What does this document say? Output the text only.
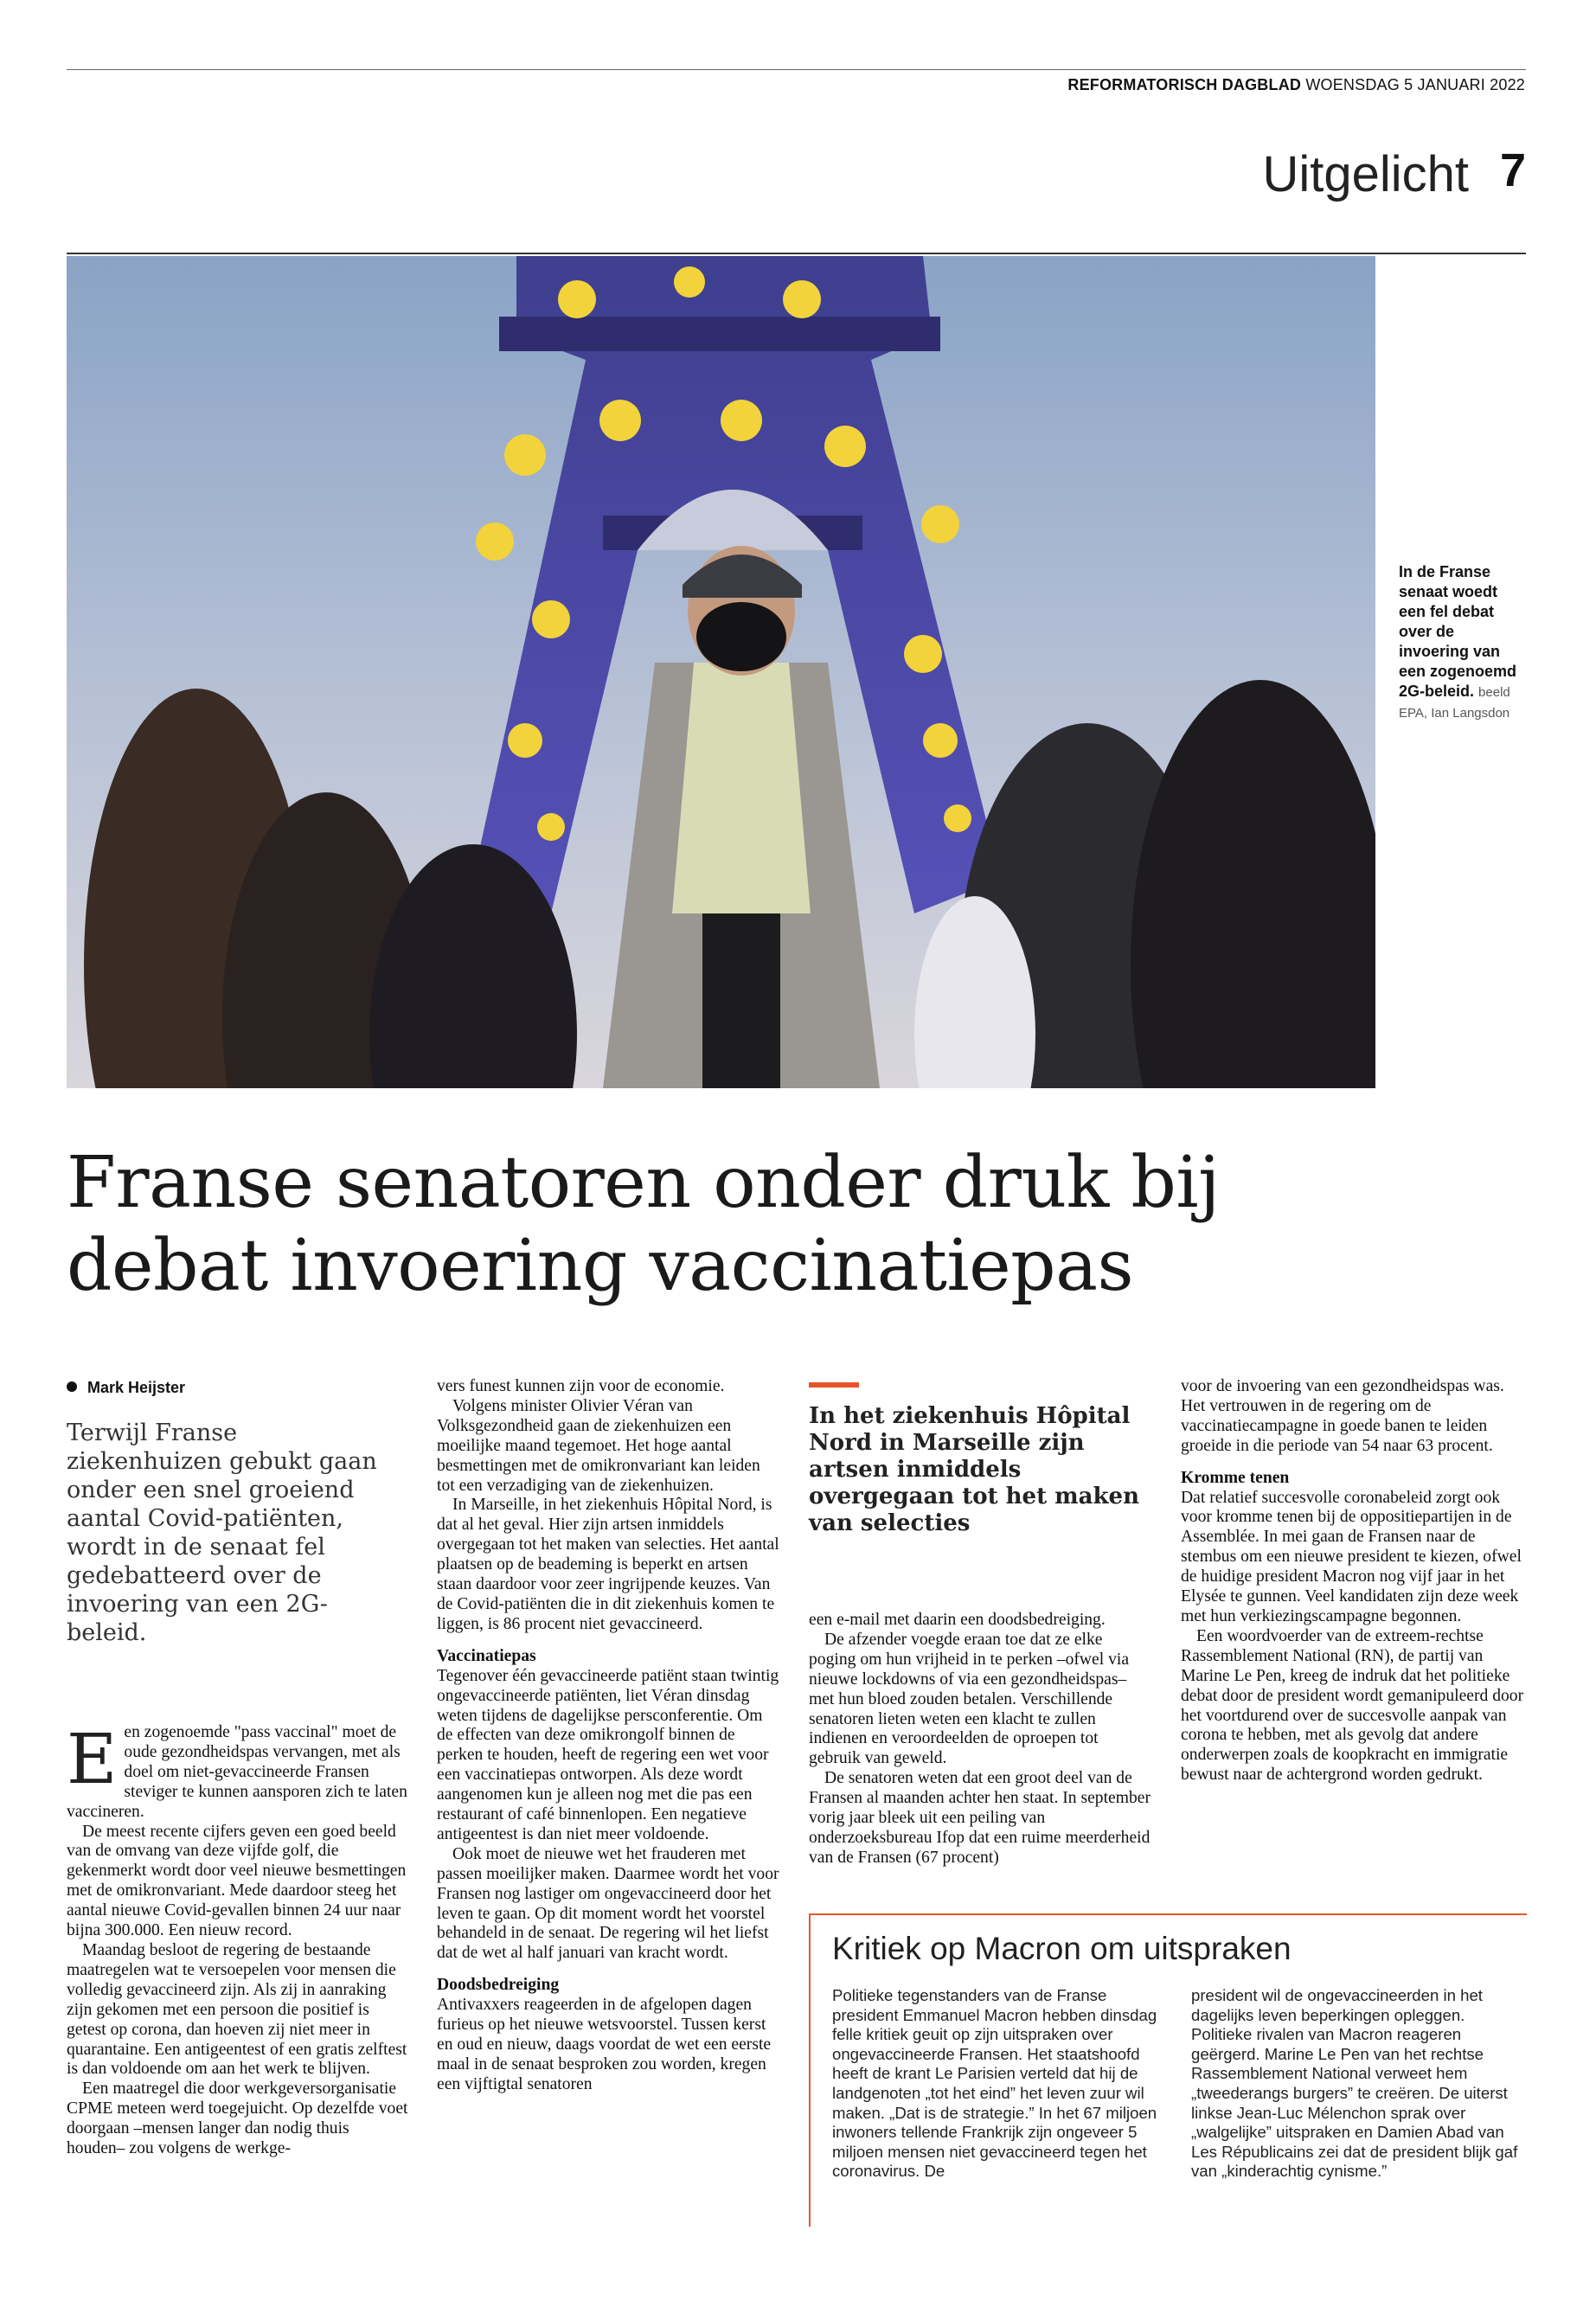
REFORMATORISCH DAGBLAD WOENSDAG 5 JANUARI 2022
Uitgelicht 7
In de Franse senaat woedt een fel debat over de invoering van een zogenoemd 2G-beleid. beeld EPA, Ian Langsdon
Franse senatoren onder druk bij
debat invoering vaccinatiepas
Mark Heijster
Terwijl Franse ziekenhuizen gebukt gaan onder een snel groeiend aantal Covid-patiënten, wordt in de senaat fel gedebatteerd over de invoering van een 2G-beleid.
E en zogenoemde "pass vaccinal" moet de oude gezondheidspas vervangen, met als doel om niet-gevaccineerde Fransen steviger te kunnen aansporen zich te laten vaccineren.

De meest recente cijfers geven een goed beeld van de omvang van deze vijfde golf, die gekenmerkt wordt door veel nieuwe besmettingen met de omikronvariant. Mede daardoor steeg het aantal nieuwe Covid-gevallen binnen 24 uur naar bijna 300.000. Een nieuw record.

Maandag besloot de regering de bestaande maatregelen wat te versoepelen voor mensen die volledig gevaccineerd zijn. Als zij in aanraking zijn gekomen met een persoon die positief is getest op corona, dan hoeven zij niet meer in quarantaine. Een antigeentest of een gratis zelftest is dan voldoende om aan het werk te blijven.

Een maatregel die door werkgeversorganisatie CPME meteen werd toegejuicht. Op dezelfde voet doorgaan –mensen langer dan nodig thuis houden– zou volgens de werkge-

vers funest kunnen zijn voor de economie.

Volgens minister Olivier Véran van Volksgezondheid gaan de ziekenhuizen een moeilijke maand tegemoet. Het hoge aantal besmettingen met de omikronvariant kan leiden tot een verzadiging van de ziekenhuizen.

In Marseille, in het ziekenhuis Hôpital Nord, is dat al het geval. Hier zijn artsen inmiddels overgegaan tot het maken van selecties. Het aantal plaatsen op de beademing is beperkt en artsen staan daardoor voor zeer ingrijpende keuzes. Van de Covid-patiënten die in dit ziekenhuis komen te liggen, is 86 procent niet gevaccineerd.

Vaccinatiepas

Tegenover één gevaccineerde patiënt staan twintig ongevaccineerde patiënten, liet Véran dinsdag weten tijdens de dagelijkse persconferentie. Om de effecten van deze omikrongolf binnen de perken te houden, heeft de regering een wet voor een vaccinatiepas ontworpen. Als deze wordt aangenomen kun je alleen nog met die pas een restaurant of café binnenlopen. Een negatieve antigeentest is dan niet meer voldoende.

Ook moet de nieuwe wet het frauderen met passen moeilijker maken. Daarmee wordt het voor Fransen nog lastiger om ongevaccineerd door het leven te gaan. Op dit moment wordt het voorstel behandeld in de senaat. De regering wil het liefst dat de wet al half januari van kracht wordt.

Doodsbedreiging

Antivaxxers reageerden in de afgelopen dagen furieus op het nieuwe wetsvoorstel. Tussen kerst en oud en nieuw, daags voordat de wet een eerste maal in de senaat besproken zou worden, kregen een vijftigtal senatoren

In het ziekenhuis Hôpital Nord in Marseille zijn artsen inmiddels overgegaan tot het maken van selecties

een e-mail met daarin een doodsbedreiging.

De afzender voegde eraan toe dat ze elke poging om hun vrijheid in te perken –ofwel via nieuwe lockdowns of via een gezondheidspas– met hun bloed zouden betalen. Verschillende senatoren lieten weten een klacht te zullen indienen en veroordeelden de oproepen tot gebruik van geweld.

De senatoren weten dat een groot deel van de Fransen al maanden achter hen staat. In september vorig jaar bleek uit een peiling van onderzoeksbureau Ifop dat een ruime meerderheid van de Fransen (67 procent)

voor de invoering van een gezondheidspas was. Het vertrouwen in de regering om de vaccinatiecampagne in goede banen te leiden groeide in die periode van 54 naar 63 procent.

Kromme tenen

Dat relatief succesvolle coronabeleid zorgt ook voor kromme tenen bij de oppositiepartijen in de Assemblée. In mei gaan de Fransen naar de stembus om een nieuwe president te kiezen, ofwel de huidige president Macron nog vijf jaar in het Elysée te gunnen. Veel kandidaten zijn deze week met hun verkiezingscampagne begonnen.

Een woordvoerder van de extreem-rechtse Rassemblement National (RN), de partij van Marine Le Pen, kreeg de indruk dat het politieke debat door de president wordt gemanipuleerd door het voortdurend over de succesvolle aanpak van corona te hebben, met als gevolg dat andere onderwerpen zoals de koopkracht en immigratie bewust naar de achtergrond worden gedrukt.

Kritiek op Macron om uitspraken

Politieke tegenstanders van de Franse president Emmanuel Macron hebben dinsdag felle kritiek geuit op zijn uitspraken over ongevaccineerde Fransen. Het staatshoofd heeft de krant Le Parisien verteld dat hij de landgenoten „tot het eind” het leven zuur wil maken. „Dat is de strategie.” In het 67 miljoen inwoners tellende Frankrijk zijn ongeveer 5 miljoen mensen niet gevaccineerd tegen het coronavirus. De

president wil de ongevaccineerden in het dagelijks leven beperkingen opleggen. Politieke rivalen van Macron reageren geërgerd. Marine Le Pen van het rechtse Rassemblement National verweet hem „tweederangs burgers” te creëren. De uiterst linkse Jean-Luc Mélenchon sprak over „walgelijke” uitspraken en Damien Abad van Les Républicains zei dat de president blijk gaf van „kinderachtig cynisme.”
